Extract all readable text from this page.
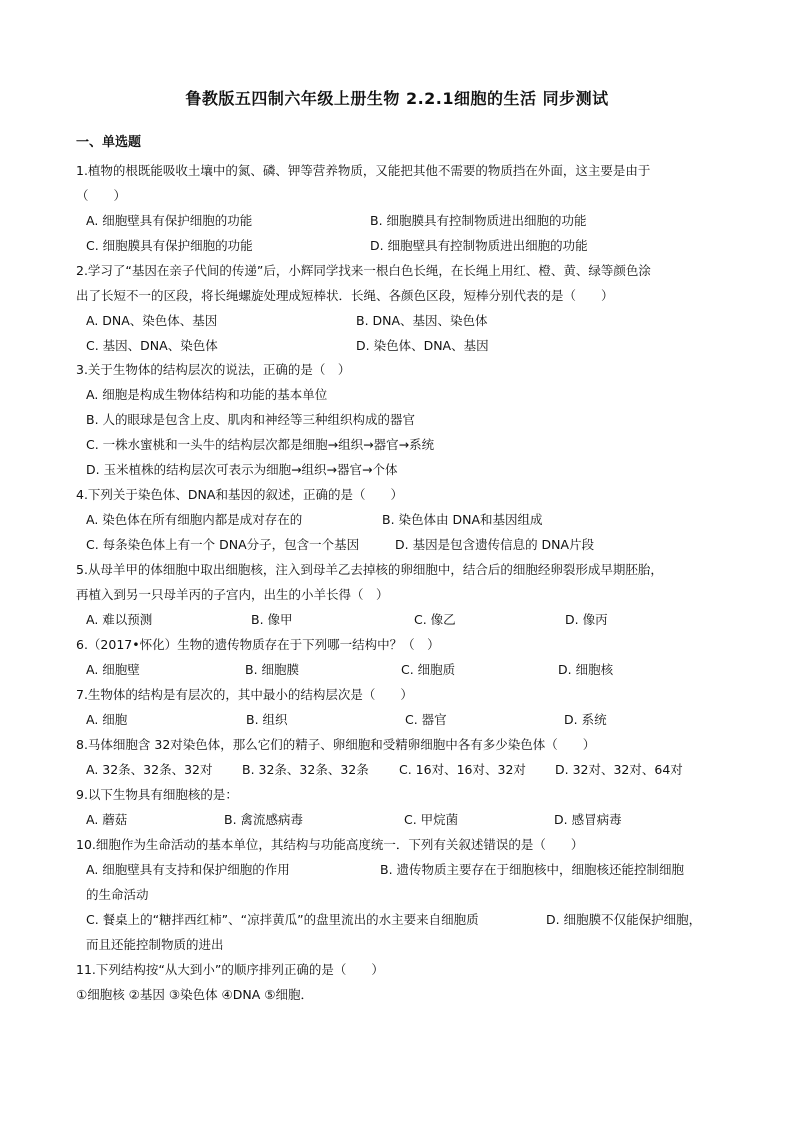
鲁教版五四制六年级上册生物 2.2.1细胞的生活 同步测试
一、单选题
1.植物的根既能吸收土壤中的氮、磷、钾等营养物质，又能把其他不需要的物质挡在外面，这主要是由于
（　　）
A. 细胞壁具有保护细胞的功能	B. 细胞膜具有控制物质进出细胞的功能
C. 细胞膜具有保护细胞的功能	D. 细胞壁具有控制物质进出细胞的功能
2.学习了“基因在亲子代间的传递”后，小辉同学找来一根白色长绳，在长绳上用红、橙、黄、绿等颜色涂
出了长短不一的区段，将长绳螺旋处理成短棒状．长绳、各颜色区段，短棒分别代表的是（　　）
A. DNA、染色体、基因	B. DNA、基因、染色体
C. 基因、DNA、染色体	D. 染色体、DNA、基因
3.关于生物体的结构层次的说法，正确的是（　）
A. 细胞是构成生物体结构和功能的基本单位
B. 人的眼球是包含上皮、肌肉和神经等三种组织构成的器官
C. 一株水蜜桃和一头牛的结构层次都是细胞→组织→器官→系统
D. 玉米植株的结构层次可表示为细胞→组织→器官→个体
4.下列关于染色体、DNA和基因的叙述，正确的是（　　）
A. 染色体在所有细胞内都是成对存在的	B. 染色体由 DNA和基因组成
C. 每条染色体上有一个 DNA分子，包含一个基因	D. 基因是包含遗传信息的 DNA片段
5.从母羊甲的体细胞中取出细胞核，注入到母羊乙去掉核的卵细胞中，结合后的细胞经卵裂形成早期胚胎，
再植入到另一只母羊丙的子宫内，出生的小羊长得（　）
A. 难以预测	B. 像甲	C. 像乙	D. 像丙
6.（2017•怀化）生物的遗传物质存在于下列哪一结构中？（　）
A. 细胞壁	B. 细胞膜	C. 细胞质	D. 细胞核
7.生物体的结构是有层次的，其中最小的结构层次是（　　）
A. 细胞	B. 组织	C. 器官	D. 系统
8.马体细胞含 32对染色体，那么它们的精子、卵细胞和受精卵细胞中各有多少染色体（　　）
A. 32条、32条、32对 B. 32条、32条、32条 C. 16对、16对、32对 D. 32对、32对、64对
9.以下生物具有细胞核的是：
A. 蘑菇	B. 禽流感病毒	C. 甲烷菌	D. 感冒病毒
10.细胞作为生命活动的基本单位，其结构与功能高度统一．下列有关叙述错误的是（　　）
A. 细胞壁具有支持和保护细胞的作用	B. 遗传物质主要存在于细胞核中，细胞核还能控制细胞
的生命活动
C. 餐桌上的“糖拌西红柿”、“凉拌黄瓜”的盘里流出的水主要来自细胞质	D. 细胞膜不仅能保护细胞，
而且还能控制物质的进出
11.下列结构按“从大到小”的顺序排列正确的是（　　）
①细胞核 ②基因 ③染色体 ④DNA ⑤细胞．
